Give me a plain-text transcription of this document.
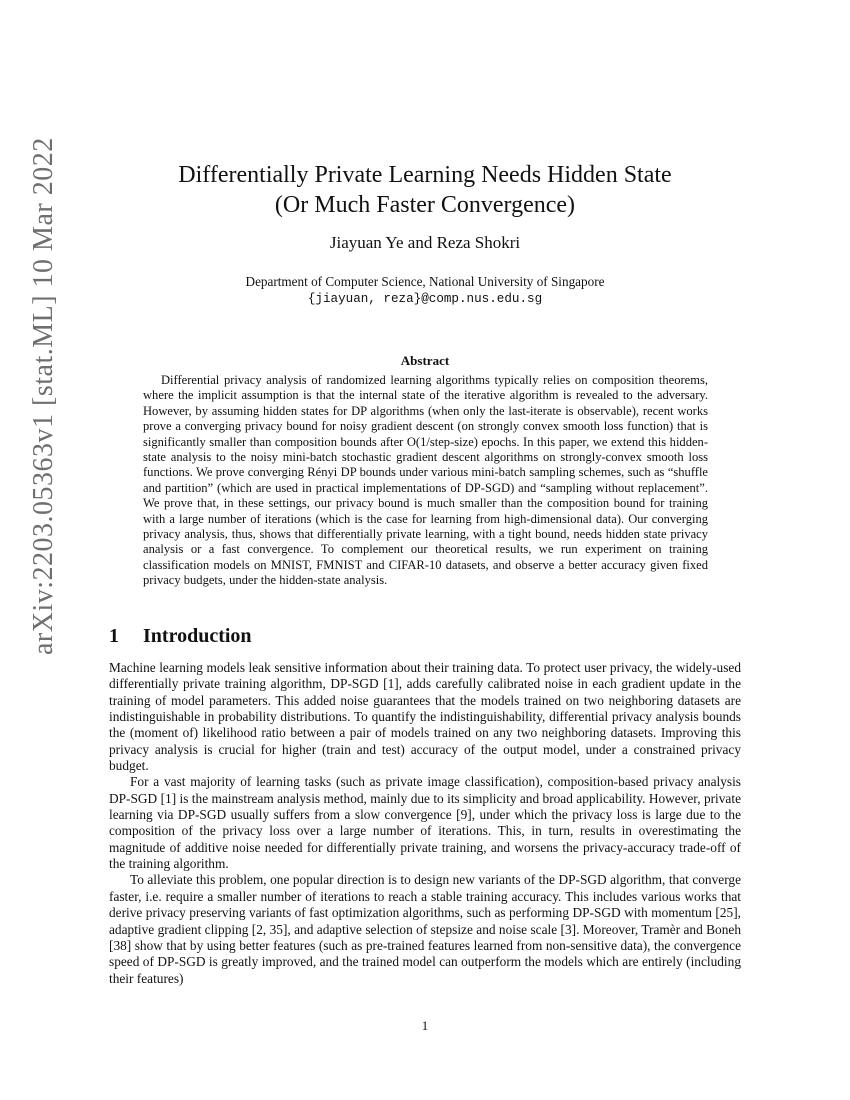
arXiv:2203.05363v1 [stat.ML] 10 Mar 2022	Differentially Private Learning Needs Hidden State
(Or Much Faster Convergence)
Jiayuan Ye and Reza Shokri
Department of Computer Science, National University of Singapore
{jiayuan, reza}@comp.nus.edu.sg
Abstract

Differential privacy analysis of randomized learning algorithms typically relies on composition theorems, where the implicit assumption is that the internal state of the iterative algorithm is revealed to the adversary. However, by assuming hidden states for DP algorithms (when only the last-iterate is observable), recent works prove a converging privacy bound for noisy gradient descent (on strongly convex smooth loss function) that is significantly smaller than composition bounds after O(1/step-size) epochs. In this paper, we extend this hidden-state analysis to the noisy mini-batch stochastic gradient descent algorithms on strongly-convex smooth loss functions. We prove converging Rényi DP bounds under various mini-batch sampling schemes, such as “shuffle and partition” (which are used in practical implementations of DP-SGD) and “sampling without replacement”. We prove that, in these settings, our privacy bound is much smaller than the composition bound for training with a large number of iterations (which is the case for learning from high-dimensional data). Our converging privacy analysis, thus, shows that differentially private learning, with a tight bound, needs hidden state privacy analysis or a fast convergence. To complement our theoretical results, we run experiment on training classification models on MNIST, FMNIST and CIFAR-10 datasets, and observe a better accuracy given fixed privacy budgets, under the hidden-state analysis.

1 Introduction

Machine learning models leak sensitive information about their training data. To protect user privacy, the widely-used differentially private training algorithm, DP-SGD [1], adds carefully calibrated noise in each gradient update in the training of model parameters. This added noise guarantees that the models trained on two neighboring datasets are indistinguishable in probability distributions. To quantify the indistinguishability, differential privacy analysis bounds the (moment of) likelihood ratio between a pair of models trained on any two neighboring datasets. Improving this privacy analysis is crucial for higher (train and test) accuracy of the output model, under a constrained privacy budget.

For a vast majority of learning tasks (such as private image classification), composition-based privacy analysis DP-SGD [1] is the mainstream analysis method, mainly due to its simplicity and broad applicability. However, private learning via DP-SGD usually suffers from a slow convergence [9], under which the privacy loss is large due to the composition of the privacy loss over a large number of iterations. This, in turn, results in overestimating the magnitude of additive noise needed for differentially private training, and worsens the privacy-accuracy trade-off of the training algorithm.

To alleviate this problem, one popular direction is to design new variants of the DP-SGD algorithm, that converge faster, i.e. require a smaller number of iterations to reach a stable training accuracy. This includes various works that derive privacy preserving variants of fast optimization algorithms, such as performing DP-SGD with momentum [25], adaptive gradient clipping [2, 35], and adaptive selection of stepsize and noise scale [3]. Moreover, Tramèr and Boneh [38] show that by using better features (such as pre-trained features learned from non-sensitive data), the convergence speed of DP-SGD is greatly improved, and the trained model can outperform the models which are entirely (including their features)

1
